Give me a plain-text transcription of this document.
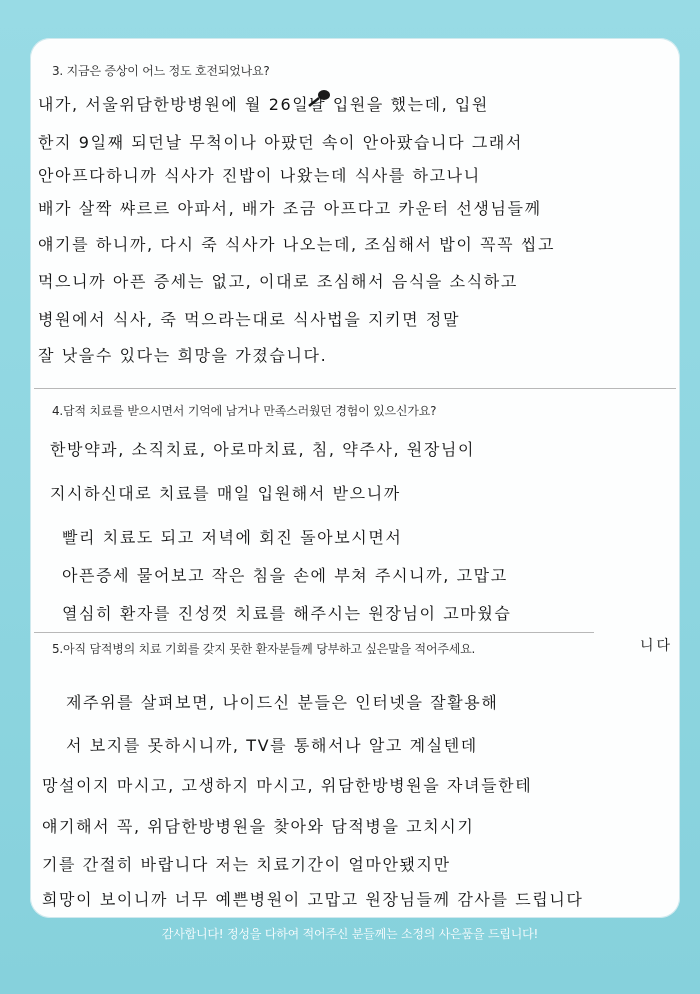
3. 지금은 증상이 어느 정도 호전되었나요?
내가, 서울위담한방병원에 월 26일날 입원을 했는데, 입원
한지 9일째 되던날 무척이나 아팠던 속이 안아팠습니다 그래서
안아프다하니까 식사가 진밥이 나왔는데 식사를 하고나니
배가 살짝 쌰르르 아파서, 배가 조금 아프다고 카운터 선생님들께
얘기를 하니까, 다시 죽 식사가 나오는데, 조심해서 밥이 꼭꼭 씹고
먹으니까 아픈 증세는 없고, 이대로 조심해서 음식을 소식하고
병원에서 식사, 죽 먹으라는대로 식사법을 지키면 정말
잘 낫을수 있다는 희망을 가졌습니다.
4.담적 치료를 받으시면서 기억에 남거나 만족스러웠던 경험이 있으신가요?
한방약과, 소직치료, 아로마치료, 침, 약주사, 원장님이
지시하신대로 치료를 매일 입원해서 받으니까
빨리 치료도 되고 저녁에 회진 돌아보시면서
아픈증세 물어보고 작은 침을 손에 부쳐 주시니까, 고맙고
열심히 환자를 진성껏 치료를 해주시는 원장님이 고마웠습
니다
5.아직 담적병의 치료 기회를 갖지 못한 환자분들께 당부하고 싶은말을 적어주세요.
제주위를 살펴보면, 나이드신 분들은 인터넷을 잘활용해
서 보지를 못하시니까, TV를 통해서나 알고 계실텐데
망설이지 마시고, 고생하지 마시고, 위담한방병원을 자녀들한테
얘기해서 꼭, 위담한방병원을 찾아와 담적병을 고치시기
기를 간절히 바랍니다 저는 치료기간이 얼마안됐지만
희망이 보이니까 너무 예쁜병원이 고맙고 원장님들께 감사를 드립니다
감사합니다! 정성을 다하여 적어주신 분들께는 소정의 사은품을 드립니다!
